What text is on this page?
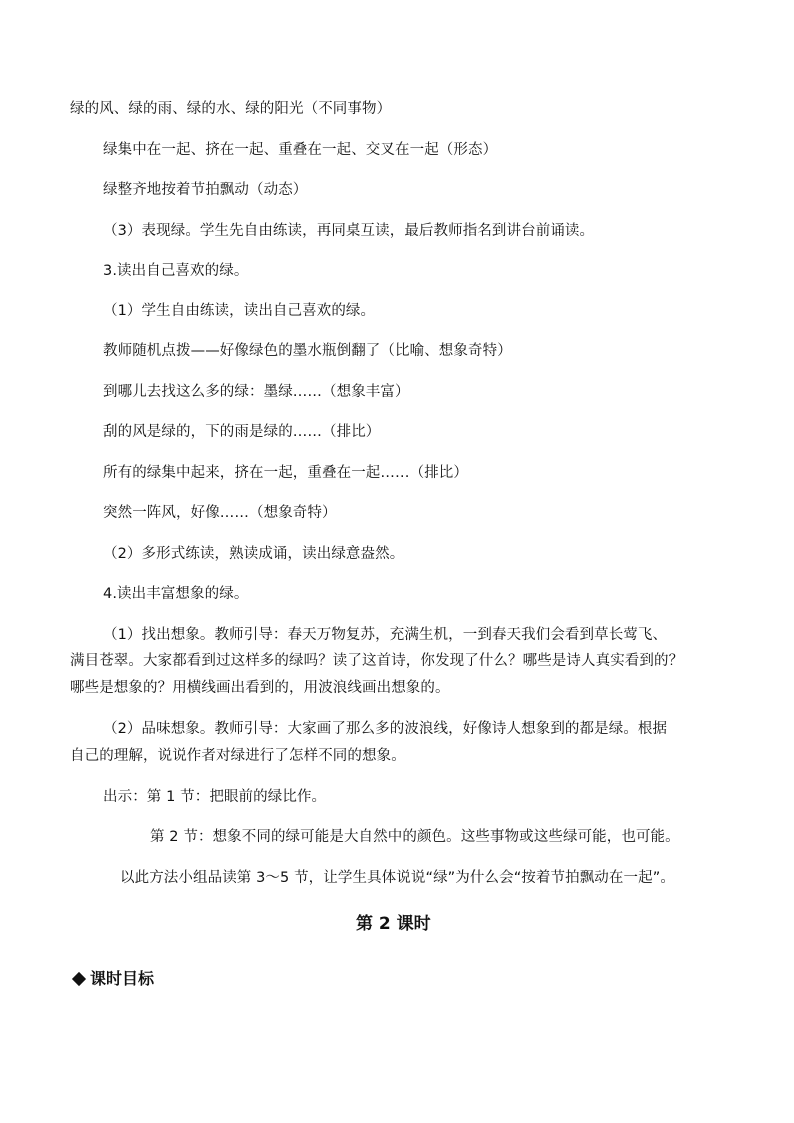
绿的风、绿的雨、绿的水、绿的阳光（不同事物）
绿集中在一起、挤在一起、重叠在一起、交叉在一起（形态）
绿整齐地按着节拍飘动（动态）
（3）表现绿。学生先自由练读，再同桌互读，最后教师指名到讲台前诵读。
3.读出自己喜欢的绿。
（1）学生自由练读，读出自己喜欢的绿。
教师随机点拨——好像绿色的墨水瓶倒翻了（比喻、想象奇特）
到哪儿去找这么多的绿：墨绿……（想象丰富）
刮的风是绿的，下的雨是绿的……（排比）
所有的绿集中起来，挤在一起，重叠在一起……（排比）
突然一阵风，好像……（想象奇特）
（2）多形式练读，熟读成诵，读出绿意盎然。
4.读出丰富想象的绿。
（1）找出想象。教师引导：春天万物复苏，充满生机，一到春天我们会看到草长莺飞、
满目苍翠。大家都看到过这样多的绿吗？读了这首诗，你发现了什么？哪些是诗人真实看到的？
哪些是想象的？用横线画出看到的，用波浪线画出想象的。
（2）品味想象。教师引导：大家画了那么多的波浪线，好像诗人想象到的都是绿。根据
自己的理解，说说作者对绿进行了怎样不同的想象。
出示：第 1 节：把眼前的绿比作。
第 2 节：想象不同的绿可能是大自然中的颜色。这些事物或这些绿可能，也可能。
以此方法小组品读第 3～5 节，让学生具体说说“绿”为什么会“按着节拍飘动在一起”。
第 2 课时
课时目标
